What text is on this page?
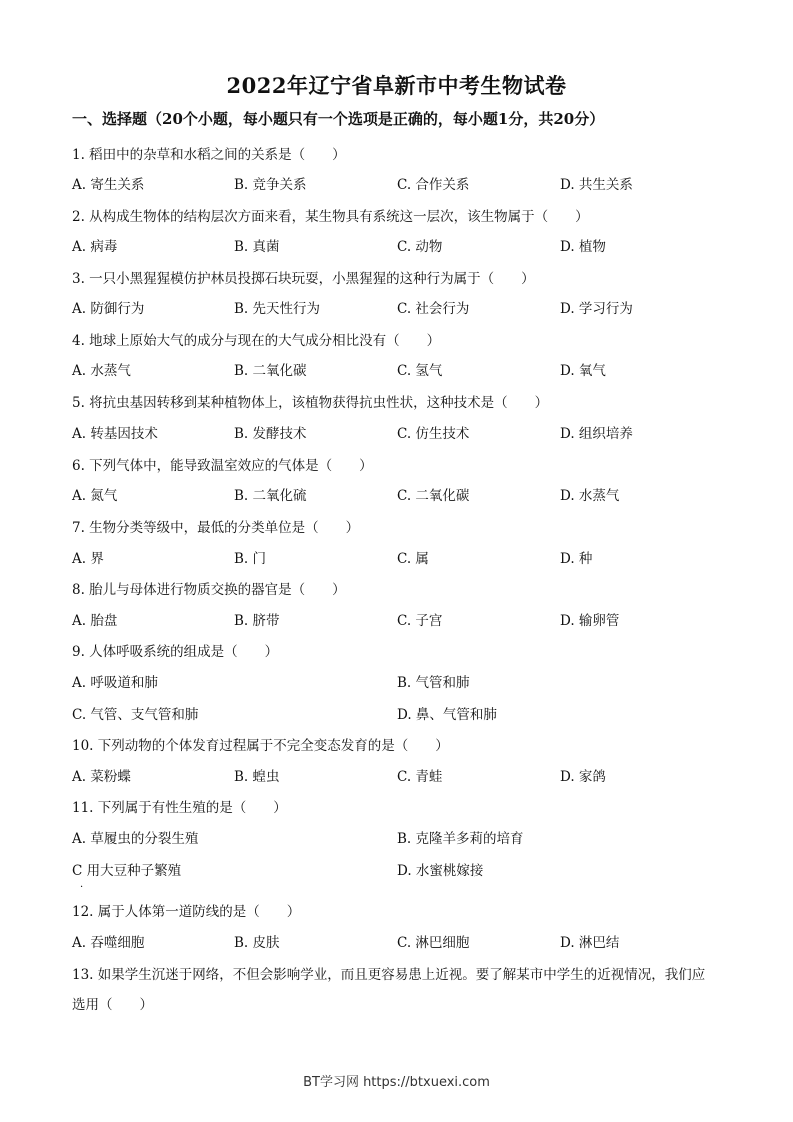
2022年辽宁省阜新市中考生物试卷
一、选择题（20个小题，每小题只有一个选项是正确的，每小题1分，共20分）
1. 稻田中的杂草和水稻之间的关系是（　　）
A. 寄生关系	B. 竞争关系	C. 合作关系	D. 共生关系
2. 从构成生物体的结构层次方面来看，某生物具有系统这一层次，该生物属于（　　）
A. 病毒	B. 真菌	C. 动物	D. 植物
3. 一只小黑猩猩模仿护林员投掷石块玩耍，小黑猩猩的这种行为属于（　　）
A. 防御行为	B. 先天性行为	C. 社会行为	D. 学习行为
4. 地球上原始大气的成分与现在的大气成分相比没有（　　）
A. 水蒸气	B. 二氧化碳	C. 氢气	D. 氧气
5. 将抗虫基因转移到某种植物体上，该植物获得抗虫性状，这种技术是（　　）
A. 转基因技术	B. 发酵技术	C. 仿生技术	D. 组织培养
6. 下列气体中，能导致温室效应的气体是（　　）
A. 氮气	B. 二氧化硫	C. 二氧化碳	D. 水蒸气
7. 生物分类等级中，最低的分类单位是（　　）
A. 界	B. 门	C. 属	D. 种
8. 胎儿与母体进行物质交换的器官是（　　）
A. 胎盘	B. 脐带	C. 子宫	D. 输卵管
9. 人体呼吸系统的组成是（　　）
A. 呼吸道和肺	B. 气管和肺
C. 气管、支气管和肺	D. 鼻、气管和肺
10. 下列动物的个体发育过程属于不完全变态发育的是（　　）
A. 菜粉蝶	B. 蝗虫	C. 青蛙	D. 家鸽
11. 下列属于有性生殖的是（　　）
A. 草履虫的分裂生殖	B. 克隆羊多莉的培育
C 用大豆种子繁殖	D. 水蜜桃嫁接
·
12. 属于人体第一道防线的是（　　）
A. 吞噬细胞	B. 皮肤	C. 淋巴细胞	D. 淋巴结
13. 如果学生沉迷于网络，不但会影响学业，而且更容易患上近视。要了解某市中学生的近视情况，我们应
选用（　　）
BT学习网 https://btxuexi.com
